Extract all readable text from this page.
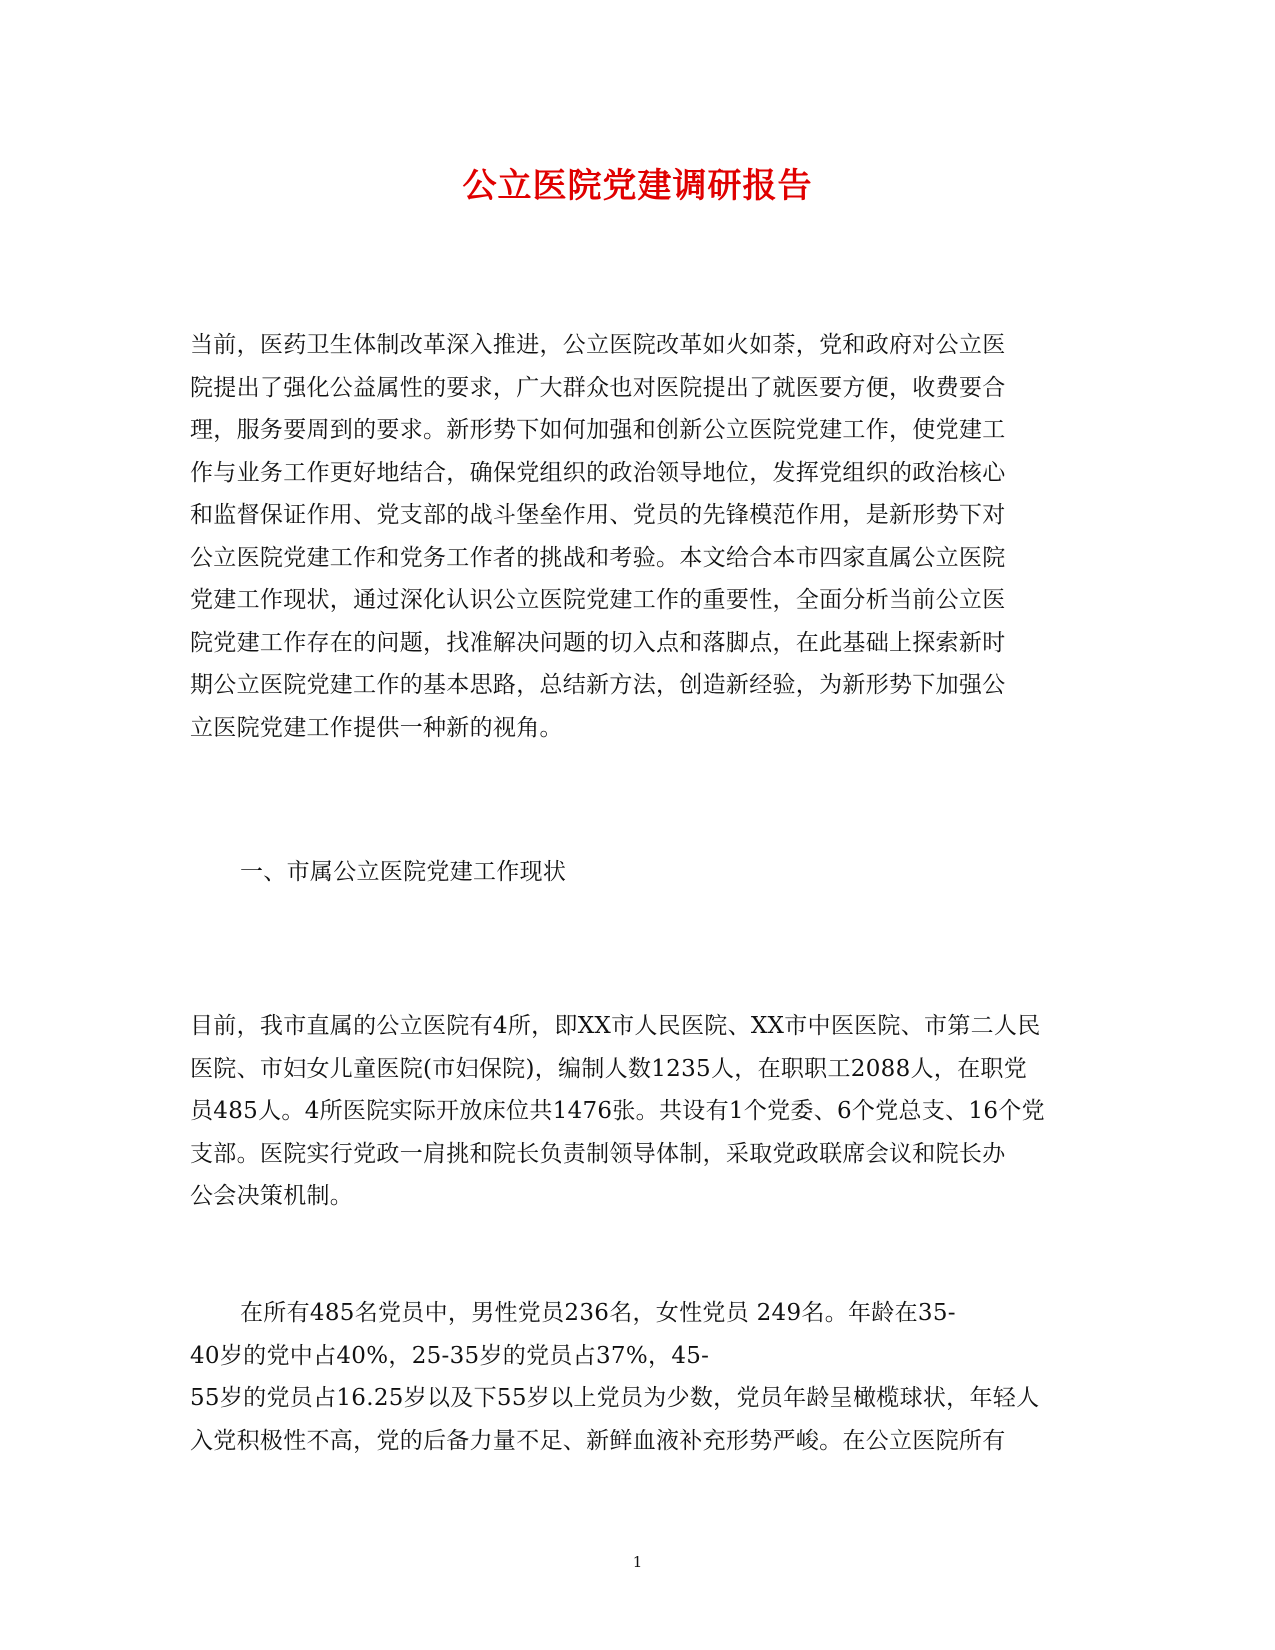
公立医院党建调研报告
当前，医药卫生体制改革深入推进，公立医院改革如火如荼，党和政府对公立医
院提出了强化公益属性的要求，广大群众也对医院提出了就医要方便，收费要合
理，服务要周到的要求。新形势下如何加强和创新公立医院党建工作，使党建工
作与业务工作更好地结合，确保党组织的政治领导地位，发挥党组织的政治核心
和监督保证作用、党支部的战斗堡垒作用、党员的先锋模范作用，是新形势下对
公立医院党建工作和党务工作者的挑战和考验。本文给合本市四家直属公立医院
党建工作现状，通过深化认识公立医院党建工作的重要性，全面分析当前公立医
院党建工作存在的问题，找准解决问题的切入点和落脚点，在此基础上探索新时
期公立医院党建工作的基本思路，总结新方法，创造新经验，为新形势下加强公
立医院党建工作提供一种新的视角。
一、市属公立医院党建工作现状
目前，我市直属的公立医院有4所，即XX市人民医院、XX市中医医院、市第二人民
医院、市妇女儿童医院(市妇保院)，编制人数1235人，在职职工2088人，在职党
员485人。4所医院实际开放床位共1476张。共设有1个党委、6个党总支、16个党
支部。医院实行党政一肩挑和院长负责制领导体制，采取党政联席会议和院长办
公会决策机制。
在所有485名党员中，男性党员236名，女性党员 249名。年龄在35-
40岁的党中占40%，25-35岁的党员占37%，45-
55岁的党员占16.25岁以及下55岁以上党员为少数，党员年龄呈橄榄球状，年轻人
入党积极性不高，党的后备力量不足、新鲜血液补充形势严峻。在公立医院所有
1
